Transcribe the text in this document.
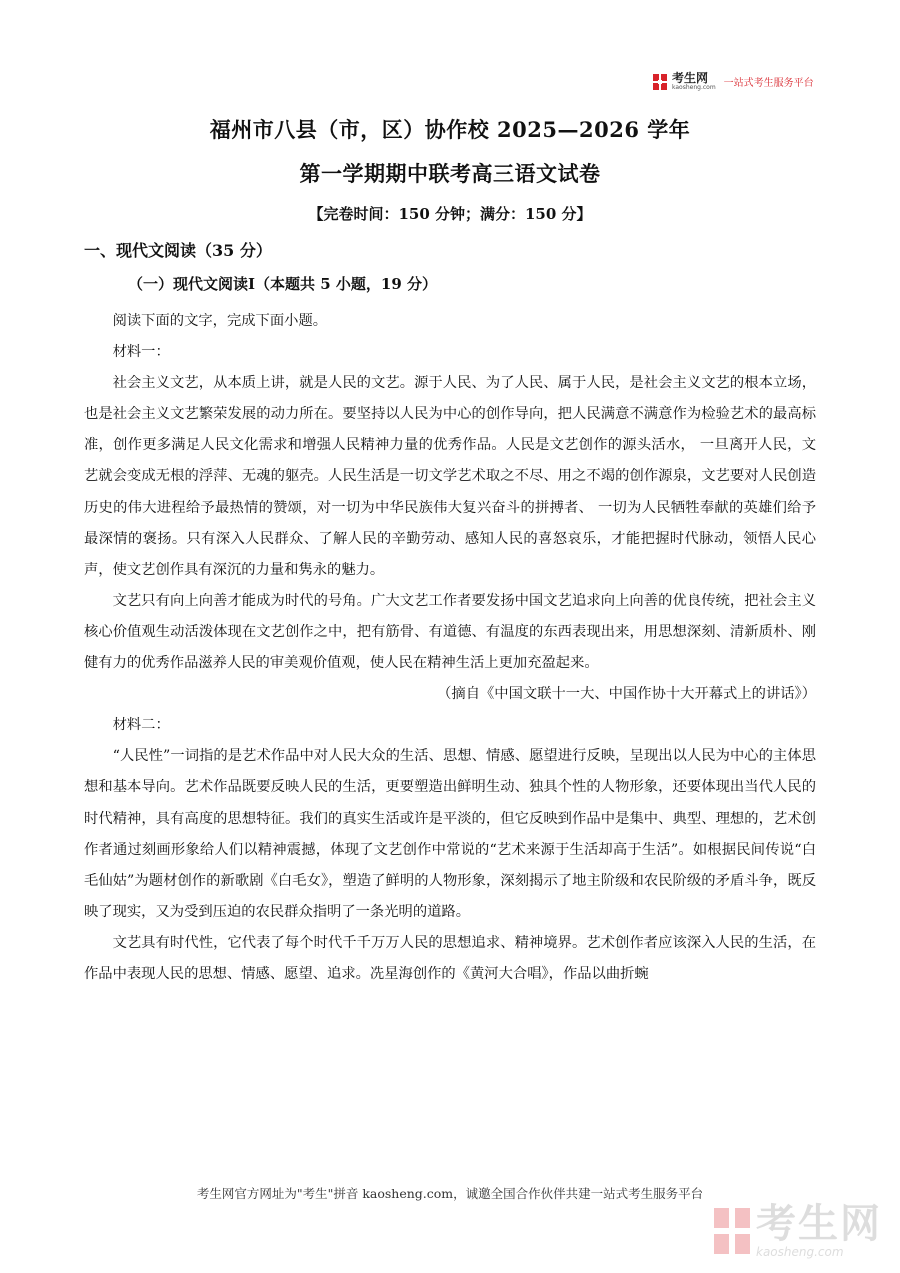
考生网
kaosheng.com 一站式考生服务平台
福州市八县（市，区）协作校 2025—2026 学年
第一学期期中联考高三语文试卷
【完卷时间：150 分钟；满分：150 分】
一、现代文阅读（35 分）
（一）现代文阅读Ⅰ（本题共 5 小题，19 分）

阅读下面的文字，完成下面小题。

材料一：

社会主义文艺，从本质上讲，就是人民的文艺。源于人民、为了人民、属于人民，是社会主义文艺的根本立场，也是社会主义文艺繁荣发展的动力所在。要坚持以人民为中心的创作导向，把人民满意不满意作为检验艺术的最高标准，创作更多满足人民文化需求和增强人民精神力量的优秀作品。人民是文艺创作的源头活水， 一旦离开人民，文艺就会变成无根的浮萍、无魂的躯壳。人民生活是一切文学艺术取之不尽、用之不竭的创作源泉，文艺要对人民创造历史的伟大进程给予最热情的赞颂，对一切为中华民族伟大复兴奋斗的拼搏者、 一切为人民牺牲奉献的英雄们给予最深情的褒扬。只有深入人民群众、了解人民的辛勤劳动、感知人民的喜怒哀乐，才能把握时代脉动，领悟人民心声，使文艺创作具有深沉的力量和隽永的魅力。

文艺只有向上向善才能成为时代的号角。广大文艺工作者要发扬中国文艺追求向上向善的优良传统，把社会主义核心价值观生动活泼体现在文艺创作之中，把有筋骨、有道德、有温度的东西表现出来，用思想深刻、清新质朴、刚健有力的优秀作品滋养人民的审美观价值观，使人民在精神生活上更加充盈起来。

（摘自《中国文联十一大、中国作协十大开幕式上的讲话》）

材料二：

“人民性”一词指的是艺术作品中对人民大众的生活、思想、情感、愿望进行反映，呈现出以人民为中心的主体思想和基本导向。艺术作品既要反映人民的生活，更要塑造出鲜明生动、独具个性的人物形象，还要体现出当代人民的时代精神，具有高度的思想特征。我们的真实生活或许是平淡的，但它反映到作品中是集中、典型、理想的，艺术创作者通过刻画形象给人们以精神震撼，体现了文艺创作中常说的“艺术来源于生活却高于生活”。如根据民间传说“白毛仙姑”为题材创作的新歌剧《白毛女》，塑造了鲜明的人物形象，深刻揭示了地主阶级和农民阶级的矛盾斗争，既反映了现实，又为受到压迫的农民群众指明了一条光明的道路。

文艺具有时代性，它代表了每个时代千千万万人民的思想追求、精神境界。艺术创作者应该深入人民的生活，在作品中表现人民的思想、情感、愿望、追求。冼星海创作的《黄河大合唱》，作品以曲折蜿

考生网官方网址为"考生"拼音 kaosheng.com，诚邀全国合作伙伴共建一站式考生服务平台
考生网
kaosheng.com
